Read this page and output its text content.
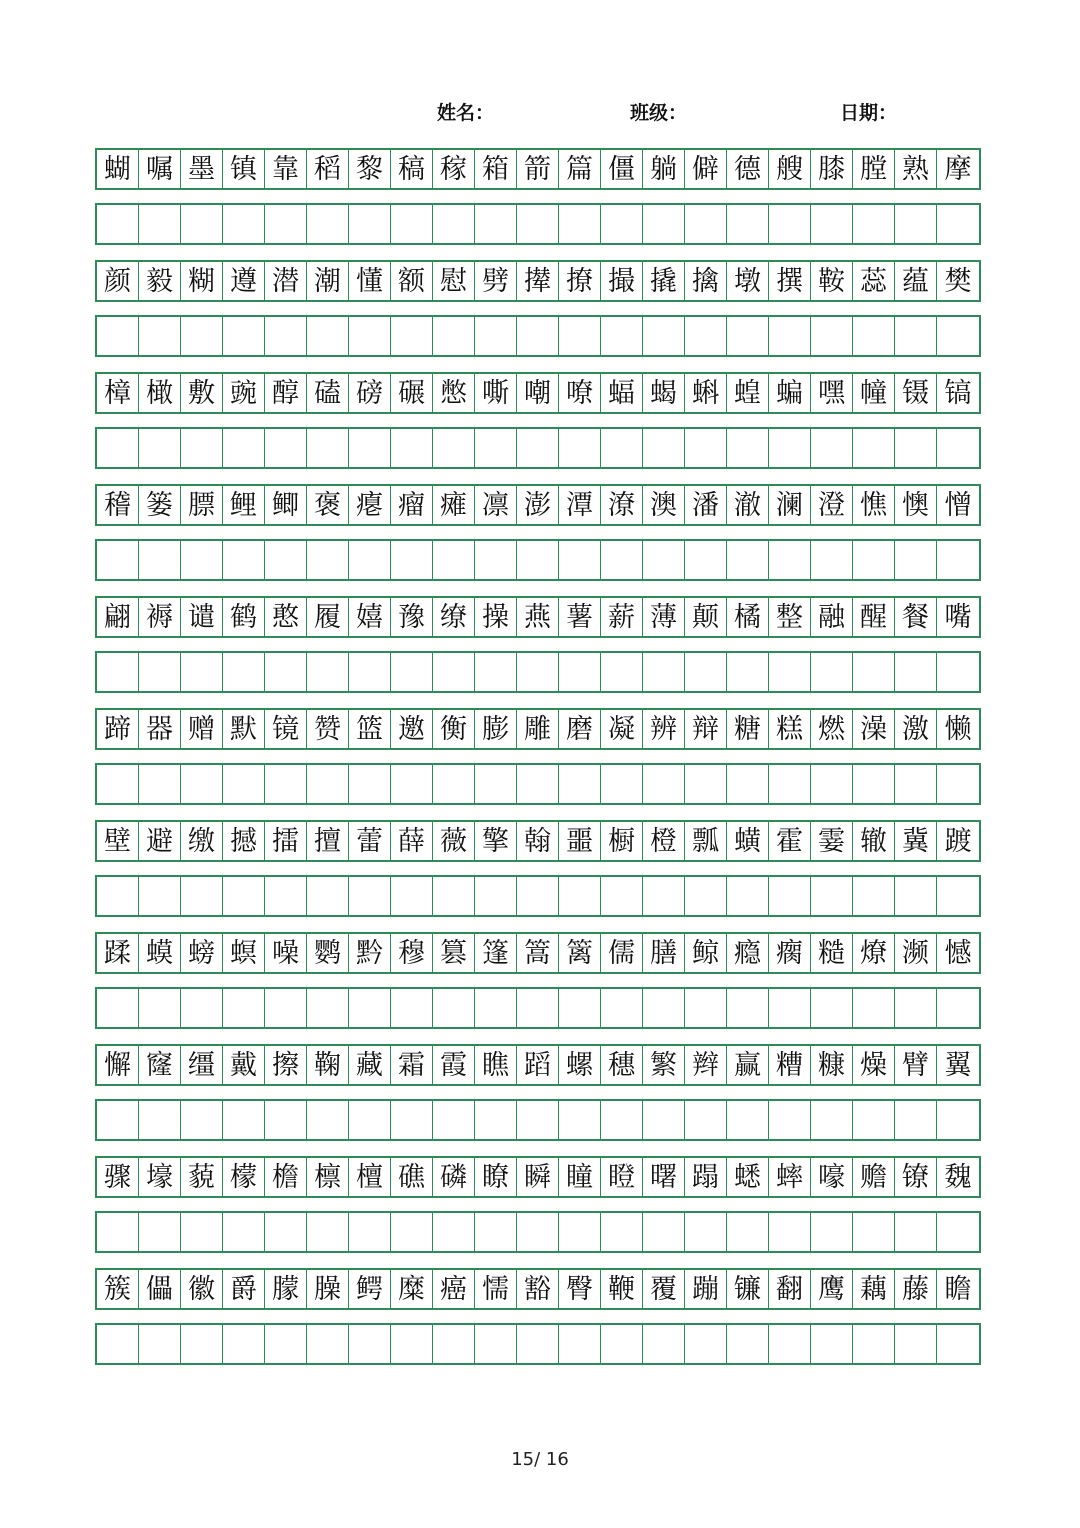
姓名：	班级：	日期：
蝴 嘱 墨 镇 靠 稻 黎 稿 稼 箱 箭 篇 僵 躺 僻 德 艘 膝 膛 熟 摩
颜 毅 糊 遵 潜 潮 懂 额 慰 劈 撵 撩 撮 撬 擒 墩 撰 鞍 蕊 蕴 樊
樟 橄 敷 豌 醇 磕 磅 碾 憋 嘶 嘲 嘹 蝠 蝎 蝌 蝗 蝙 嘿 幢 镊 镐
稽 篓 膘 鲤 鲫 褒 瘪 瘤 瘫 凛 澎 潭 潦 澳 潘 澈 澜 澄 憔 懊 憎
翩 褥 谴 鹤 憨 履 嬉 豫 缭 操 燕 薯 薪 薄 颠 橘 整 融 醒 餐 嘴
蹄 器 赠 默 镜 赞 篮 邀 衡 膨 雕 磨 凝 辨 辩 糖 糕 燃 澡 激 懒
壁 避 缴 撼 擂 擅 蕾 薛 薇 擎 翰 噩 橱 橙 瓢 蟥 霍 霎 辙 冀 踱
蹂 蟆 螃 螟 噪 鹦 黔 穆 篡 篷 篙 篱 儒 膳 鲸 瘾 瘸 糙 燎 濒 憾
懈 窿 缰 戴 擦 鞠 藏 霜 霞 瞧 蹈 螺 穗 繁 辫 赢 糟 糠 燥 臂 翼
骤 壕 藐 檬 檐 檩 檀 礁 磷 瞭 瞬 瞳 瞪 曙 蹋 蟋 蟀 嚎 赡 镣 魏
簇 儡 徽 爵 朦 臊 鳄 糜 癌 懦 豁 臀 鞭 覆 蹦 镰 翻 鹰 藕 藤 瞻
15/ 16
